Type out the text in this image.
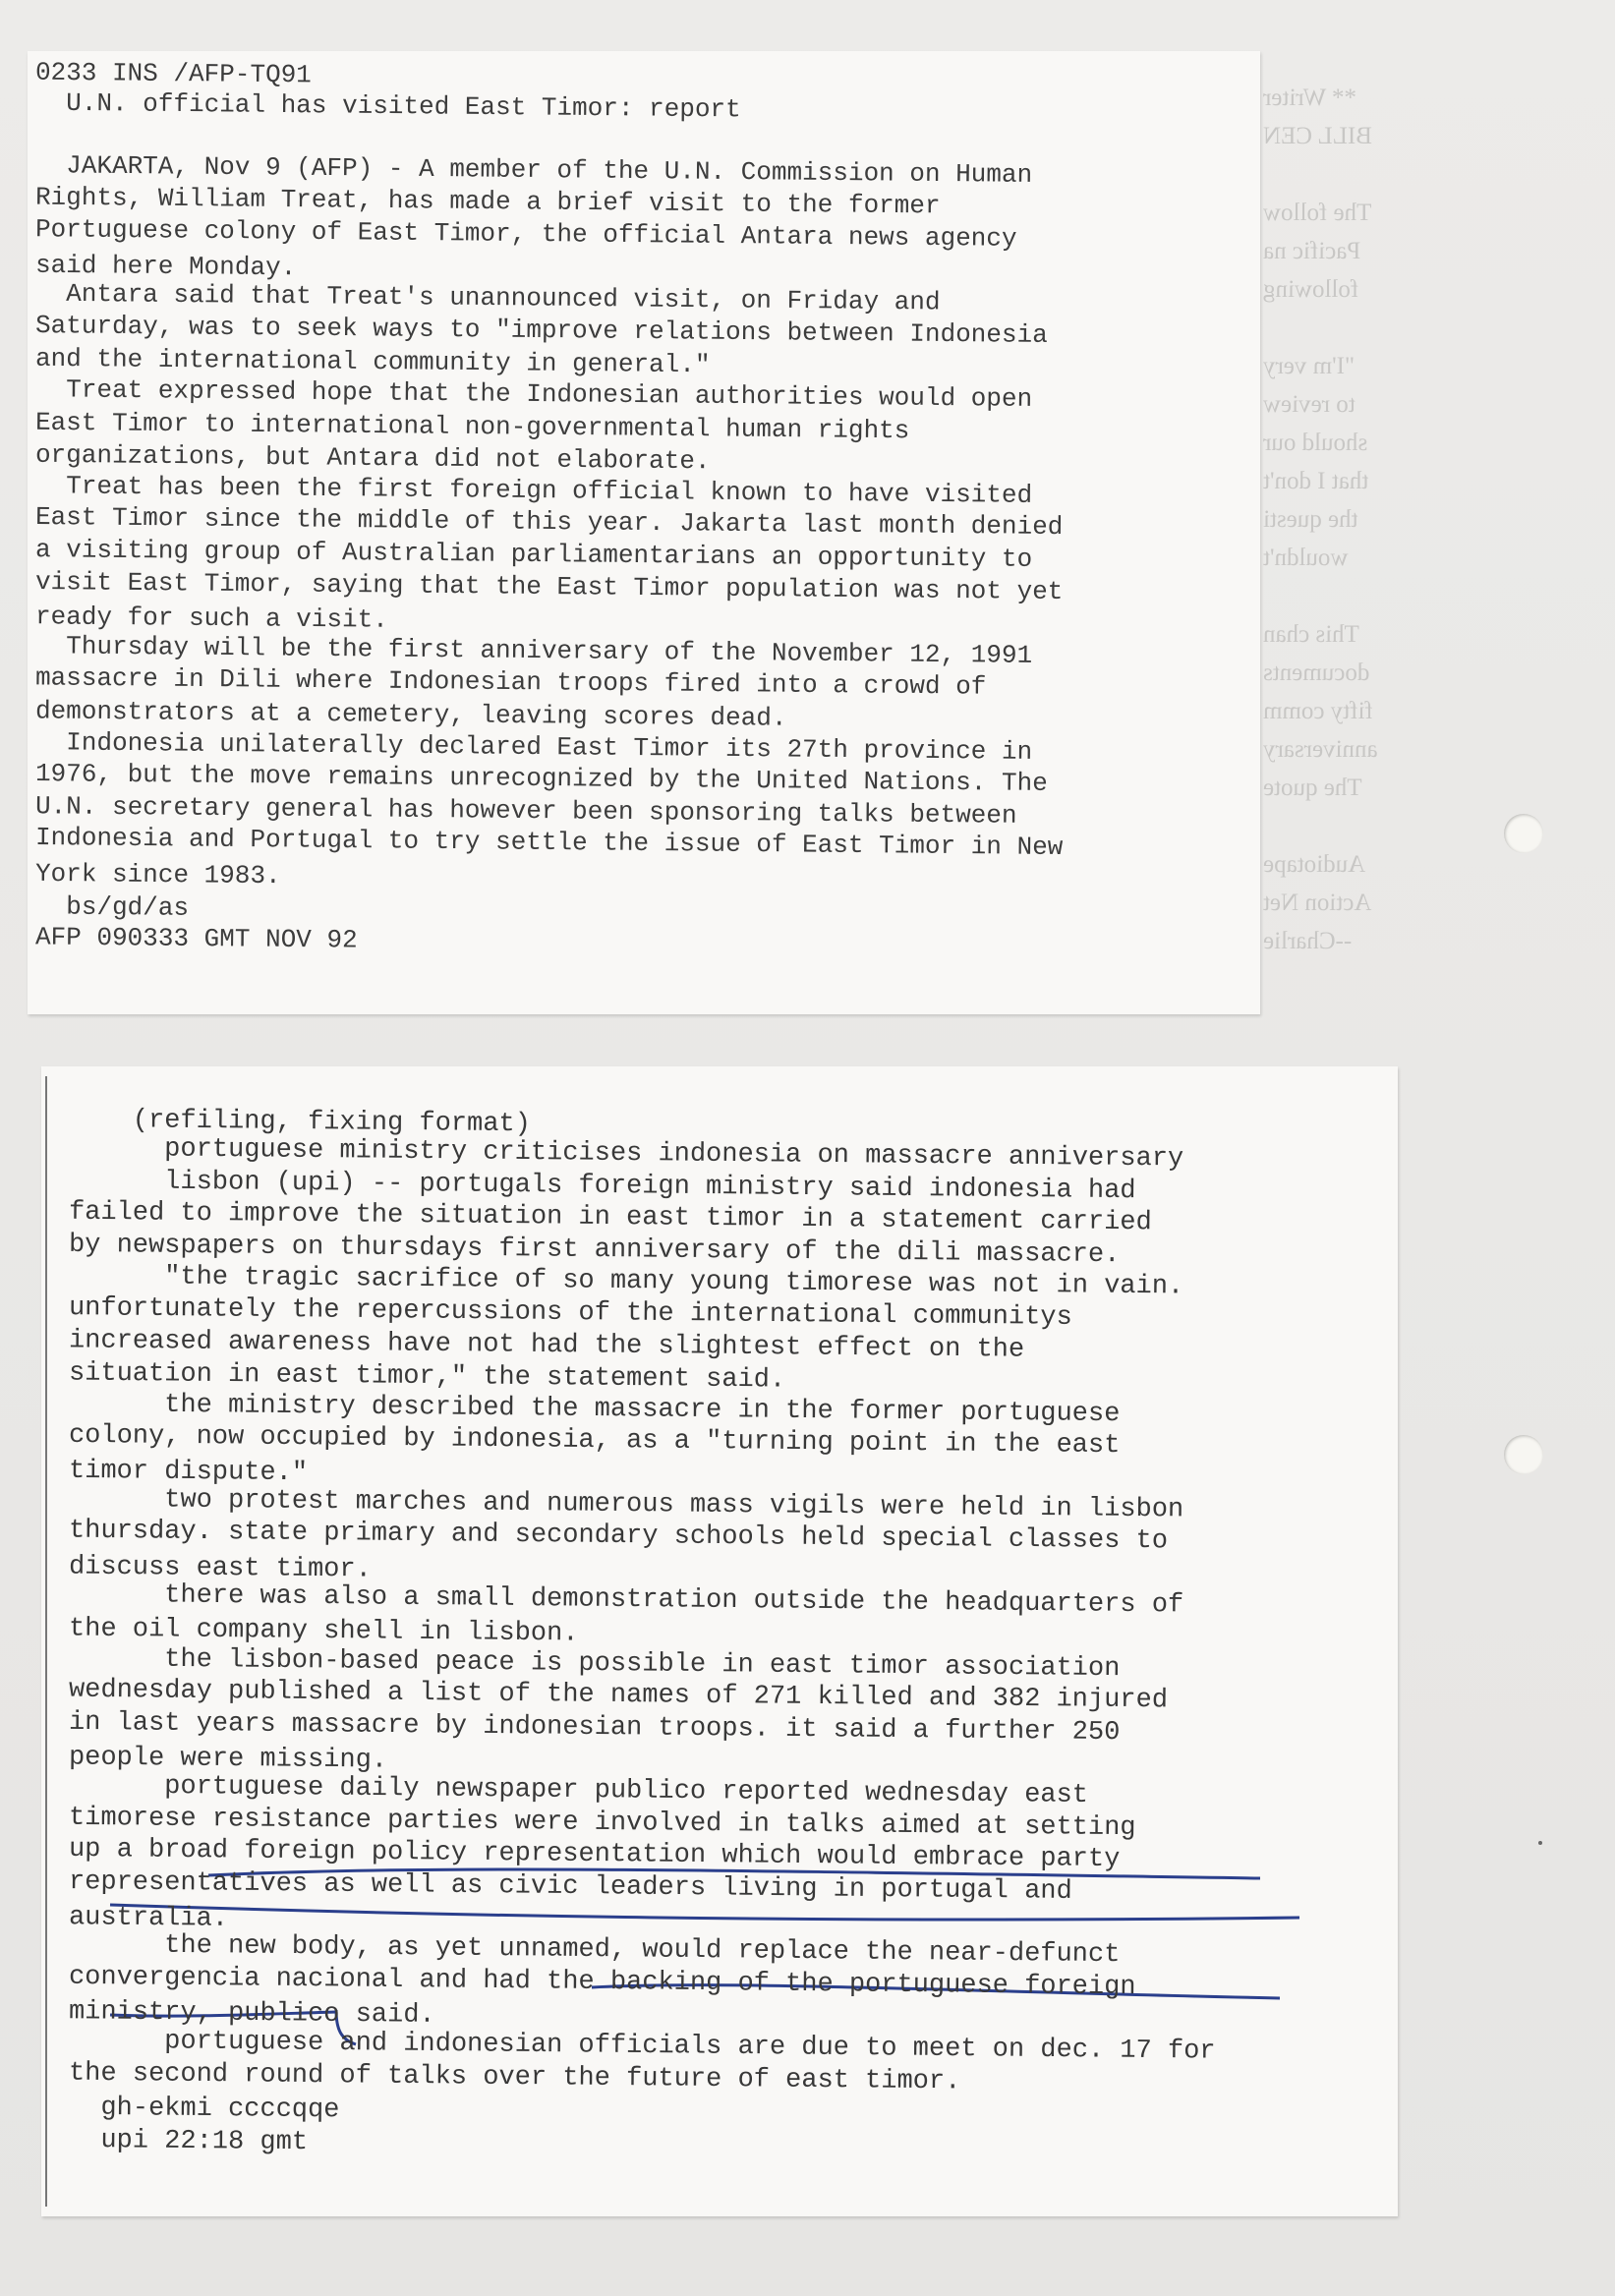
** Writer
BILL CEN

The follow
Pacific na
following

"I'm very
to review
should our
that I don't
the questi
wouldn't

This chan
documents
fifty comm
anniversary
The quote

Audiotape
Action Net
--Charlie
0233 INS /AFP-TQ91
U.N. official has visited East Timor: report
JAKARTA, Nov 9 (AFP) - A member of the U.N. Commission on Human
Rights, William Treat, has made a brief visit to the former
Portuguese colony of East Timor, the official Antara news agency
said here Monday.
Antara said that Treat's unannounced visit, on Friday and
Saturday, was to seek ways to "improve relations between Indonesia
and the international community in general."
Treat expressed hope that the Indonesian authorities would open
East Timor to international non-governmental human rights
organizations, but Antara did not elaborate.
Treat has been the first foreign official known to have visited
East Timor since the middle of this year. Jakarta last month denied
a visiting group of Australian parliamentarians an opportunity to
visit East Timor, saying that the East Timor population was not yet
ready for such a visit.
Thursday will be the first anniversary of the November 12, 1991
massacre in Dili where Indonesian troops fired into a crowd of
demonstrators at a cemetery, leaving scores dead.
Indonesia unilaterally declared East Timor its 27th province in
1976, but the move remains unrecognized by the United Nations. The
U.N. secretary general has however been sponsoring talks between
Indonesia and Portugal to try settle the issue of East Timor in New
York since 1983.
bs/gd/as
AFP 090333 GMT NOV 92
(refiling, fixing format)
portuguese ministry criticises indonesia on massacre anniversary
lisbon (upi) -- portugals foreign ministry said indonesia had
failed to improve the situation in east timor in a statement carried
by newspapers on thursdays first anniversary of the dili massacre.
"the tragic sacrifice of so many young timorese was not in vain.
unfortunately the repercussions of the international communitys
increased awareness have not had the slightest effect on the
situation in east timor," the statement said.
the ministry described the massacre in the former portuguese
colony, now occupied by indonesia, as a "turning point in the east
timor dispute."
two protest marches and numerous mass vigils were held in lisbon
thursday. state primary and secondary schools held special classes to
discuss east timor.
there was also a small demonstration outside the headquarters of
the oil company shell in lisbon.
the lisbon-based peace is possible in east timor association
wednesday published a list of the names of 271 killed and 382 injured
in last years massacre by indonesian troops. it said a further 250
people were missing.
portuguese daily newspaper publico reported wednesday east
timorese resistance parties were involved in talks aimed at setting
up a broad foreign policy representation which would embrace party
representatives as well as civic leaders living in portugal and
australia.
the new body, as yet unnamed, would replace the near-defunct
convergencia nacional and had the backing of the portuguese foreign
ministry, publico said.
portuguese and indonesian officials are due to meet on dec. 17 for
the second round of talks over the future of east timor.
gh-ekmi ccccqqe
upi 22:18 gmt
